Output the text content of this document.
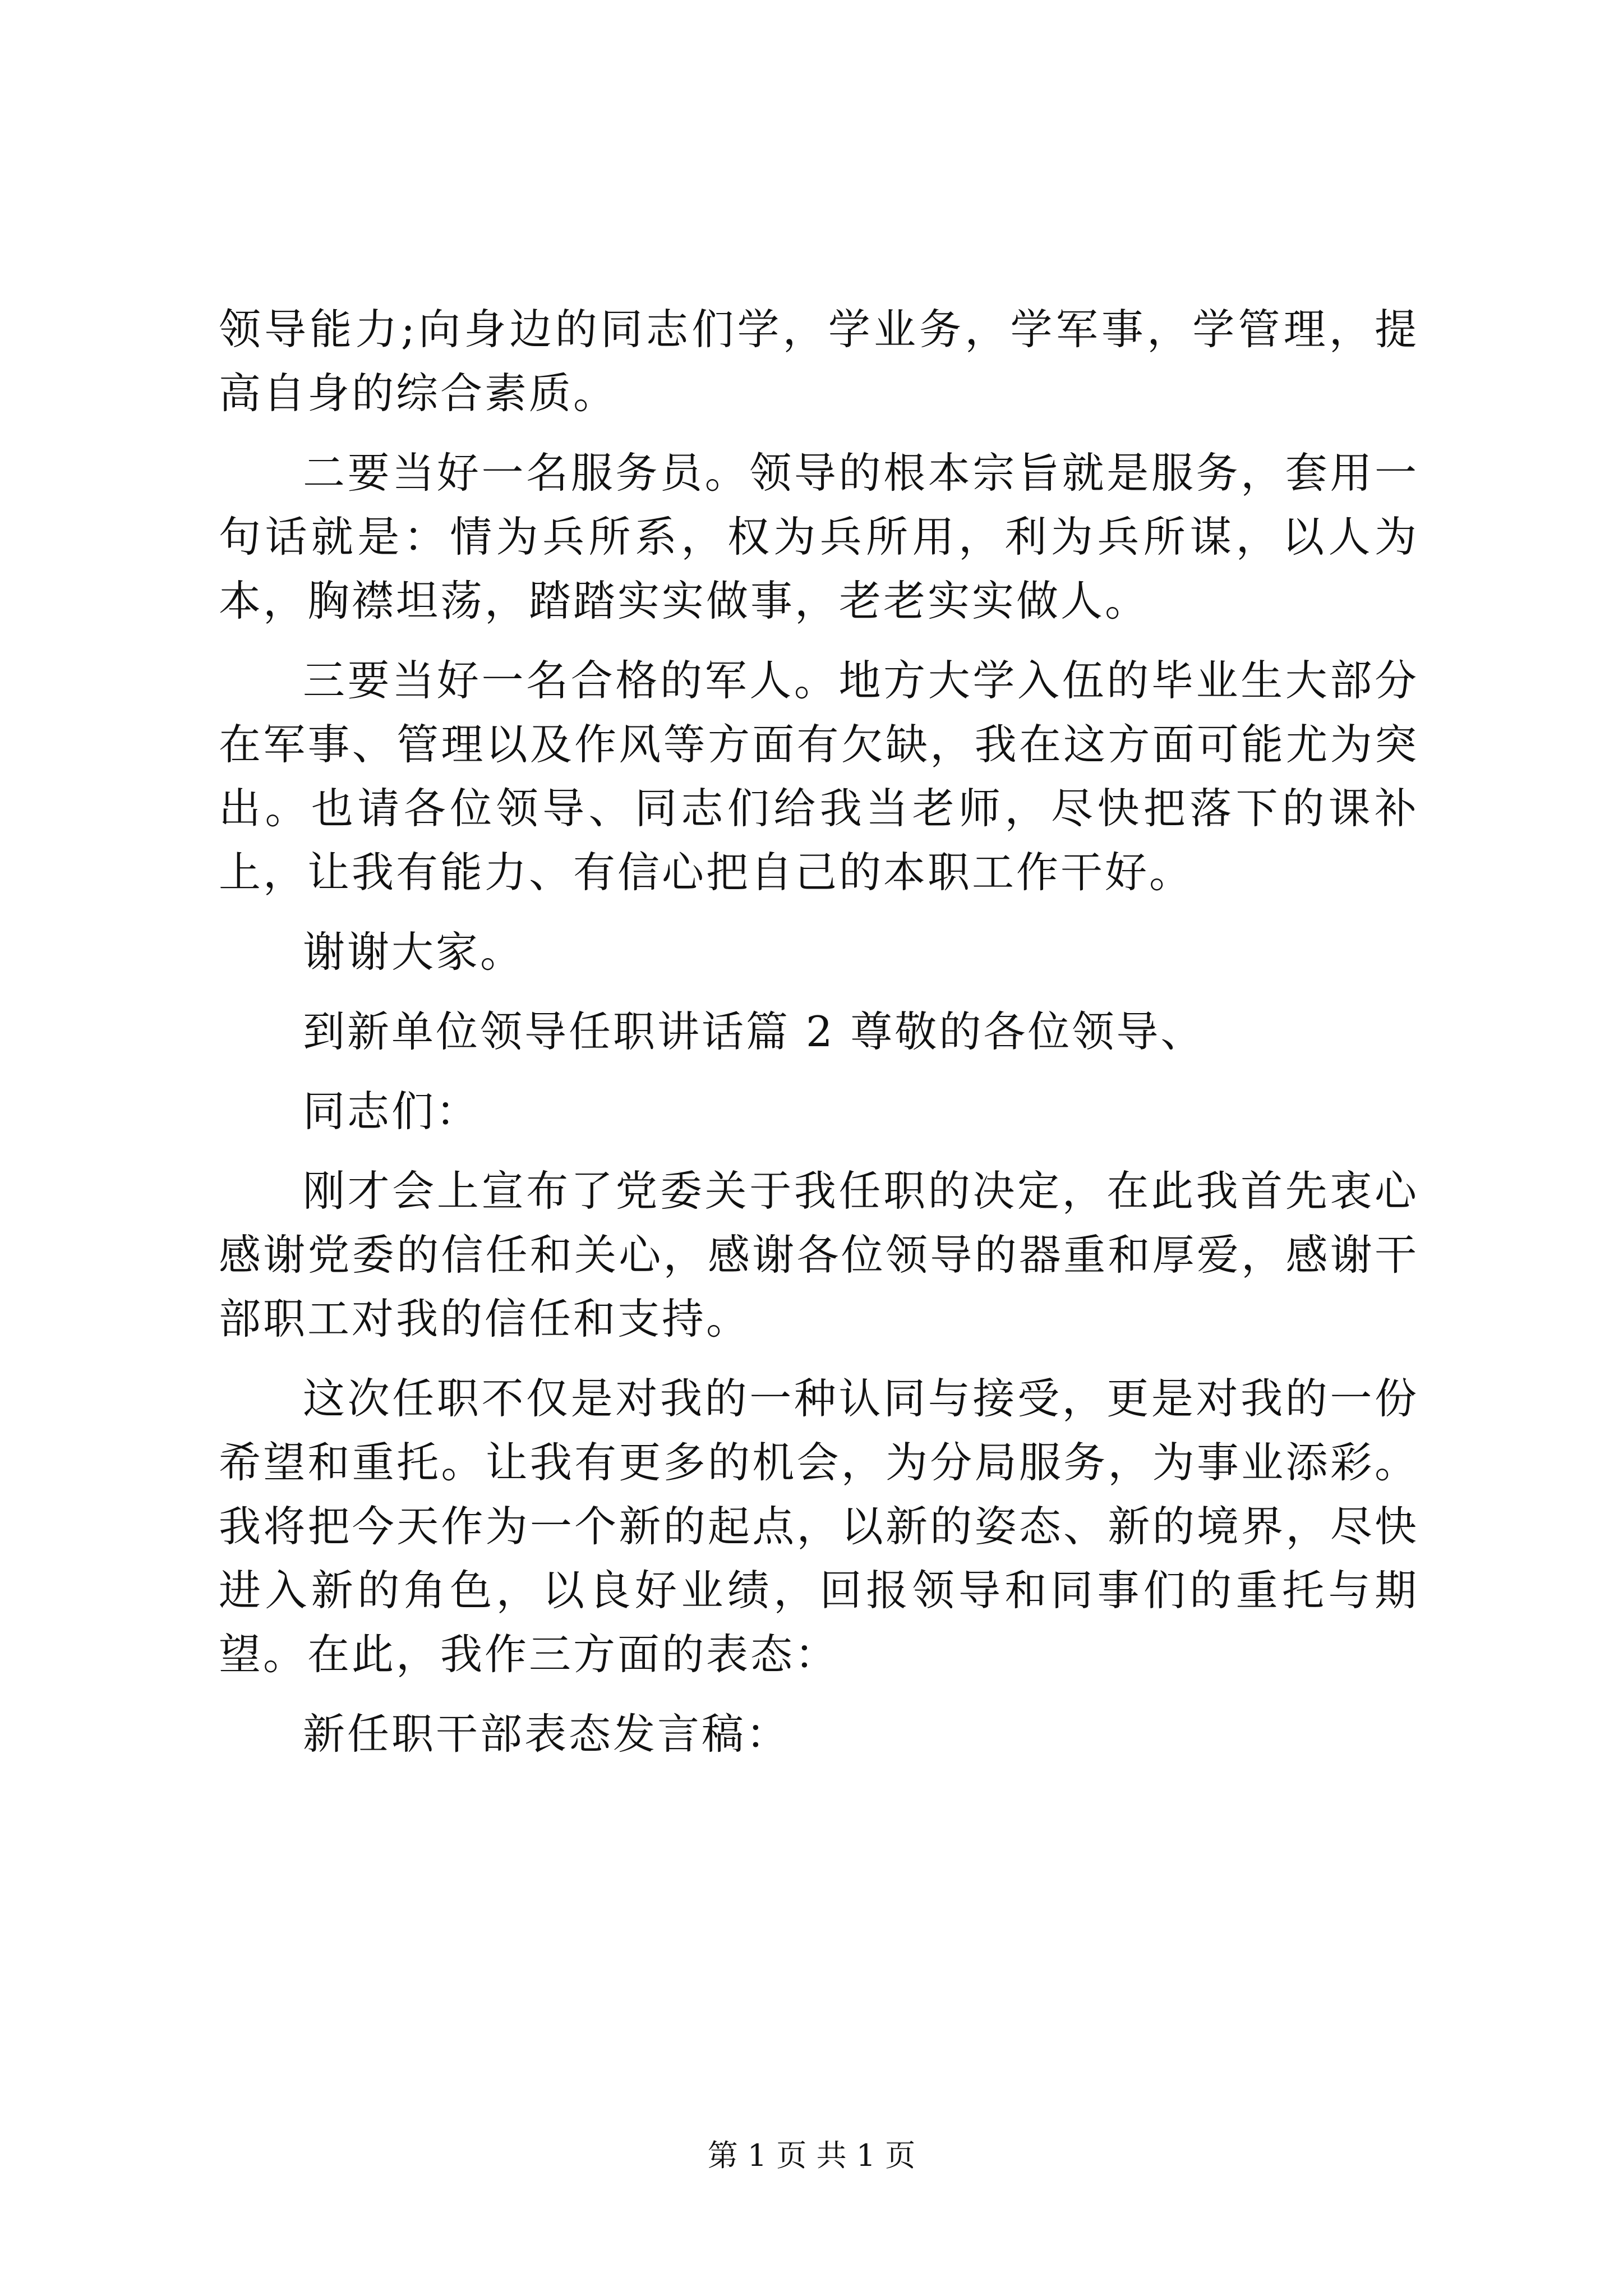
领导能力;向身边的同志们学，学业务，学军事，学管理，提高自身的综合素质。

二要当好一名服务员。领导的根本宗旨就是服务，套用一句话就是：情为兵所系，权为兵所用，利为兵所谋，以人为本，胸襟坦荡，踏踏实实做事，老老实实做人。

三要当好一名合格的军人。地方大学入伍的毕业生大部分在军事、管理以及作风等方面有欠缺，我在这方面可能尤为突出。也请各位领导、同志们给我当老师，尽快把落下的课补上，让我有能力、有信心把自己的本职工作干好。

谢谢大家。

到新单位领导任职讲话篇 2 尊敬的各位领导、

同志们：

刚才会上宣布了党委关于我任职的决定，在此我首先衷心感谢党委的信任和关心，感谢各位领导的器重和厚爱，感谢干部职工对我的信任和支持。

这次任职不仅是对我的一种认同与接受，更是对我的一份希望和重托。让我有更多的机会，为分局服务，为事业添彩。我将把今天作为一个新的起点，以新的姿态、新的境界，尽快进入新的角色，以良好业绩，回报领导和同事们的重托与期望。在此，我作三方面的表态：

新任职干部表态发言稿：

第 1 页 共 1 页
